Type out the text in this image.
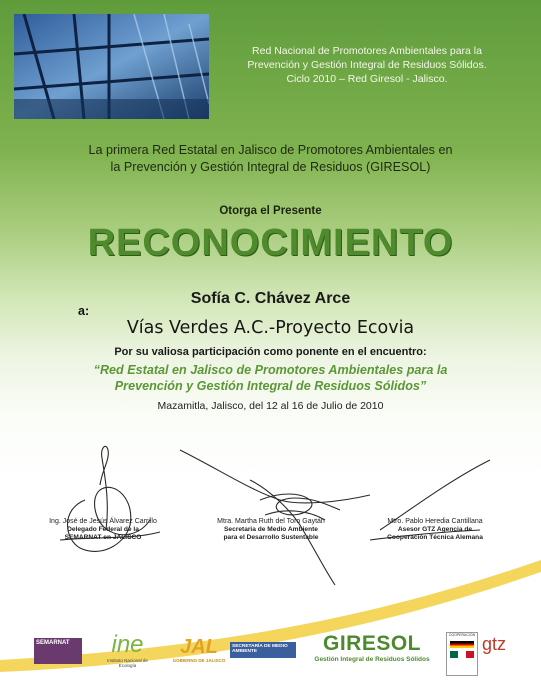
Red Nacional de Promotores Ambientales para la
Prevención y Gestión Integral de Residuos Sólidos.
Ciclo 2010 – Red Giresol - Jalisco.
La primera Red Estatal en Jalisco de Promotores Ambientales en
la Prevención y Gestión Integral de Residuos (GIRESOL)
Otorga el Presente
RECONOCIMIENTO
a:
Sofía C. Chávez Arce
Vías Verdes A.C.-Proyecto Ecovia
Por su valiosa participación como ponente en el encuentro:
“Red Estatal en Jalisco de Promotores Ambientales para la
Prevención y Gestión Integral de Residuos Sólidos”
Mazamitla, Jalisco, del 12 al 16 de Julio de 2010
Ing. José de Jesús Álvarez Carrillo
Delegado Federal de la
SEMARNAT en JALISCO
Mtra. Martha Ruth del Toro Gaytán
Secretaria de Medio Ambiente
para el Desarrollo Sustentable
Mtro. Pablo Heredia Cantillana
Asesor GTZ Agencia de
Cooperación Técnica Alemana
SEMARNAT	ine
Instituto Nacional de Ecología
JAL
GOBIERNO DE JALISCO
SECRETARÍA DE MEDIO AMBIENTE	GIRESOL
Gestión Integral de Residuos Sólidos
COOPERACIÓN gtz
